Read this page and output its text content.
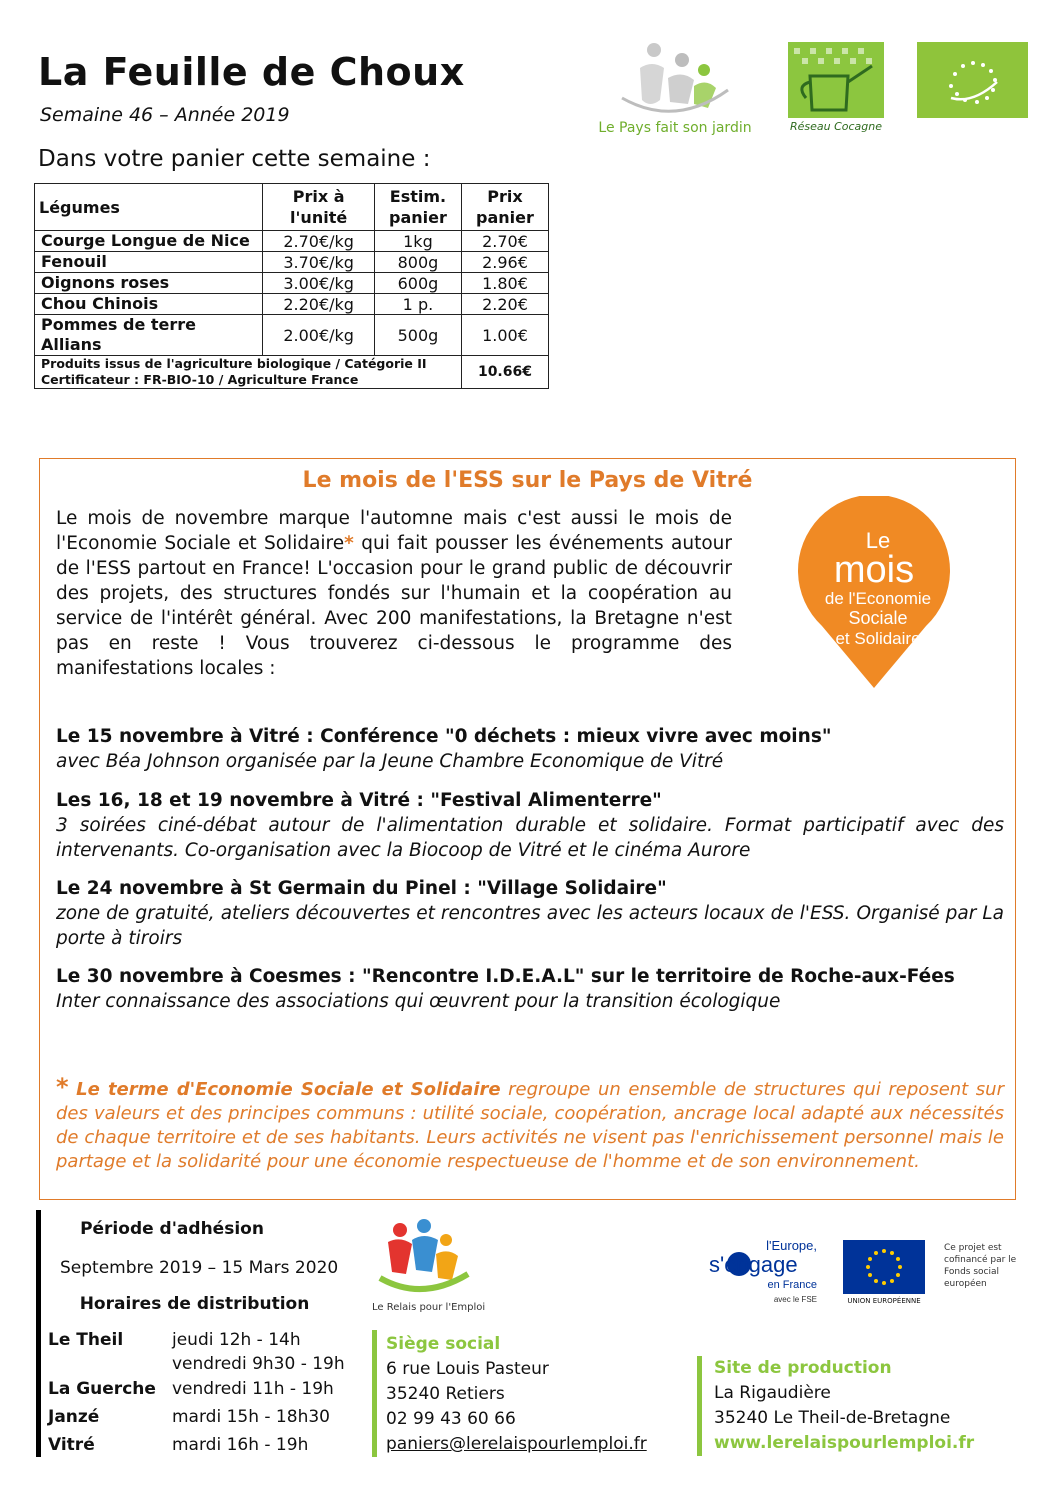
La Feuille de Choux
Semaine 46 – Année 2019
Dans votre panier cette semaine :
Le Pays fait son jardin	Réseau Cocagne
Légumes	Prix à l'unité	Estim. panier	Prix panier
Courge Longue de Nice	2.70€/kg	1kg	2.70€
Fenouil	3.70€/kg	800g	2.96€
Oignons roses	3.00€/kg	600g	1.80€
Chou Chinois	2.20€/kg	1 p.	2.20€
Pommes de terre Allians	2.00€/kg	500g	1.00€

Produits issus de l'agriculture biologique / Catégorie II
Certificateur : FR-BIO-10 / Agriculture France			10.66€
Le mois de l'ESS sur le Pays de Vitré
Le mois de novembre marque l'automne mais c'est aussi le mois de l'Economie Sociale et Solidaire* qui fait pousser les événements autour de l'ESS partout en France! L'occasion pour le grand public de découvrir des projets, des structures fondés sur l'humain et la coopération au service de l'intérêt général. Avec 200 manifestations, la Bretagne n'est pas en reste ! Vous trouverez ci-dessous le programme des manifestations locales :
Le
mois
de l'Economie
Sociale
et Solidaire
Le 15 novembre à Vitré : Conférence "0 déchets : mieux vivre avec moins"
avec Béa Johnson organisée par la Jeune Chambre Economique de Vitré
Les 16, 18 et 19 novembre à Vitré : "Festival Alimenterre"
3 soirées ciné-débat autour de l'alimentation durable et solidaire. Format participatif avec des intervenants. Co-organisation avec la Biocoop de Vitré et le cinéma Aurore
Le 24 novembre à St Germain du Pinel : "Village Solidaire"
zone de gratuité, ateliers découvertes et rencontres avec les acteurs locaux de l'ESS. Organisé par La porte à tiroirs
Le 30 novembre à Coesmes : "Rencontre I.D.E.A.L" sur le territoire de Roche-aux-Fées
Inter connaissance des associations qui œuvrent pour la transition écologique
* Le terme d'Economie Sociale et Solidaire regroupe un ensemble de structures qui reposent sur des valeurs et des principes communs : utilité sociale, coopération, ancrage local adapté aux nécessités de chaque territoire et de ses habitants. Leurs activités ne visent pas l'enrichissement personnel mais le partage et la solidarité pour une économie respectueuse de l'homme et de son environnement.
Période d'adhésion
Septembre 2019 – 15 Mars 2020
Horaires de distribution
Le Theil	jeudi 12h - 14h
vendredi 9h30 - 19h
La Guerche vendredi 11h - 19h
Janzé	mardi 15h - 18h30
Vitré	mardi 16h - 19h
Le Relais pour l'Emploi
l'Europe,
s'engage
en France
avec le FSE	UNION EUROPÉENNE
Ce projet est cofinancé par le Fonds social européen
Siège social
6 rue Louis Pasteur
35240 Retiers
02 99 43 60 66
paniers@lerelaispourlemploi.fr
Site de production
La Rigaudière
35240 Le Theil-de-Bretagne
www.lerelaispourlemploi.fr
